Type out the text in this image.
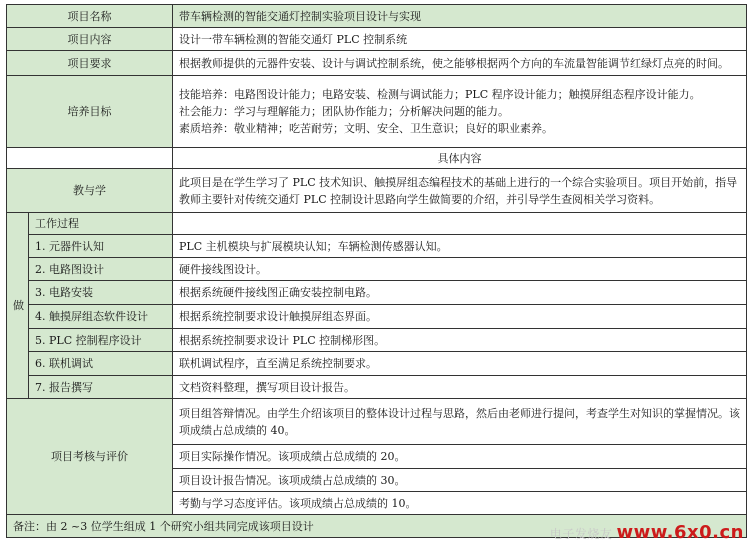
项目名称		带车辆检测的智能交通灯控制实验项目设计与实现
项目内容		设计一带车辆检测的智能交通灯 PLC 控制系统
项目要求		根据教师提供的元器件安装、设计与调试控制系统，使之能够根据两个方向的车流量智能调节红绿灯点亮的时间。
培养目标		技能培养：电路图设计能力；电路安装、检测与调试能力；PLC 程序设计能力；触摸屏组态程序设计能力。
社会能力：学习与理解能力；团队协作能力；分析解决问题的能力。
素质培养：敬业精神；吃苦耐劳；文明、安全、卫生意识；良好的职业素养。

		具体内容
教与学		此项目是在学生学习了 PLC 技术知识、触摸屏组态编程技术的基础上进行的一个综合实验项目。项目开始前，指导教师主要针对传统交通灯 PLC 控制设计思路向学生做简要的介绍，并引导学生查阅相关学习资料。
做	工作过程	
	1. 元器件认知	PLC 主机模块与扩展模块认知；车辆检测传感器认知。
	2. 电路图设计	硬件接线图设计。
	3. 电路安装	根据系统硬件接线图正确安装控制电路。
	4. 触摸屏组态软件设计	根据系统控制要求设计触摸屏组态界面。
	5. PLC 控制程序设计	根据系统控制要求设计 PLC 控制梯形图。
	6. 联机调试	联机调试程序，直至满足系统控制要求。
	7. 报告撰写	文档资料整理，撰写项目设计报告。
项目考核与评价		项目组答辩情况。由学生介绍该项目的整体设计过程与思路，然后由老师进行提问，考查学生对知识的掌握情况。该项成绩占总成绩的 40。
		项目实际操作情况。该项成绩占总成绩的 20。
		项目设计报告情况。该项成绩占总成绩的 30。
		考勤与学习态度评估。该项成绩占总成绩的 10。
备注：由 2 ~3 位学生组成 1 个研究小组共同完成该项目设计		
电子发烧友 www.6x0.cn
